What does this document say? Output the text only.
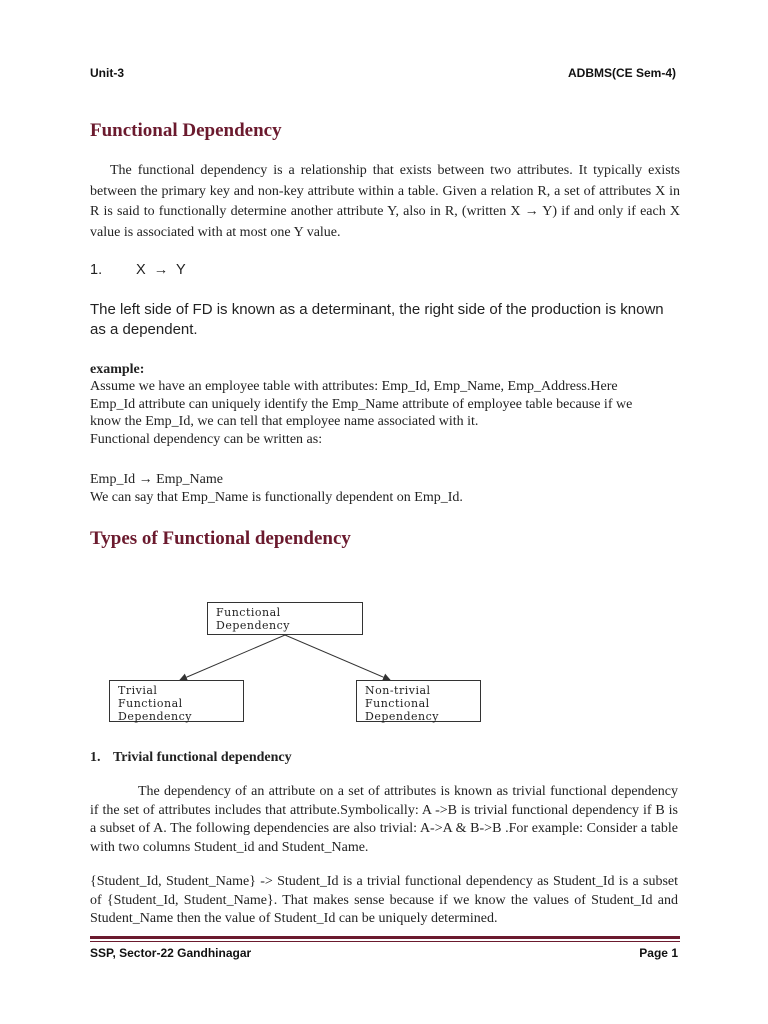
Unit-3	ADBMS(CE Sem-4)
Functional Dependency
The functional dependency is a relationship that exists between two attributes. It typically exists between the primary key and non-key attribute within a table. Given a relation R, a set of attributes X in R is said to functionally determine another attribute Y, also in R, (written X → Y) if and only if each X value is associated with at most one Y value.
1. X  →  Y
The left side of FD is known as a determinant, the right side of the production is known as a dependent.
example:
Assume we have an employee table with attributes: Emp_Id, Emp_Name, Emp_Address.Here
Emp_Id attribute can uniquely identify the Emp_Name attribute of employee table because if we
know the Emp_Id, we can tell that employee name associated with it.
Functional dependency can be written as:
Emp_Id → Emp_Name
We can say that Emp_Name is functionally dependent on Emp_Id.
Types of Functional dependency
Functional
Dependency
Trivial
Functional
Dependency
Non-trivial
Functional
Dependency
1. Trivial functional dependency
The dependency of an attribute on a set of attributes is known as trivial functional dependency if the set of attributes includes that attribute.Symbolically: A ->B is trivial functional dependency if B is a subset of A. The following dependencies are also trivial: A->A & B->B .For example: Consider a table with two columns Student_id and Student_Name.
{Student_Id, Student_Name} -> Student_Id is a trivial functional dependency as Student_Id is a subset of {Student_Id, Student_Name}. That makes sense because if we know the values of Student_Id and Student_Name then the value of Student_Id can be uniquely determined.
SSP, Sector-22 Gandhinagar	Page 1
